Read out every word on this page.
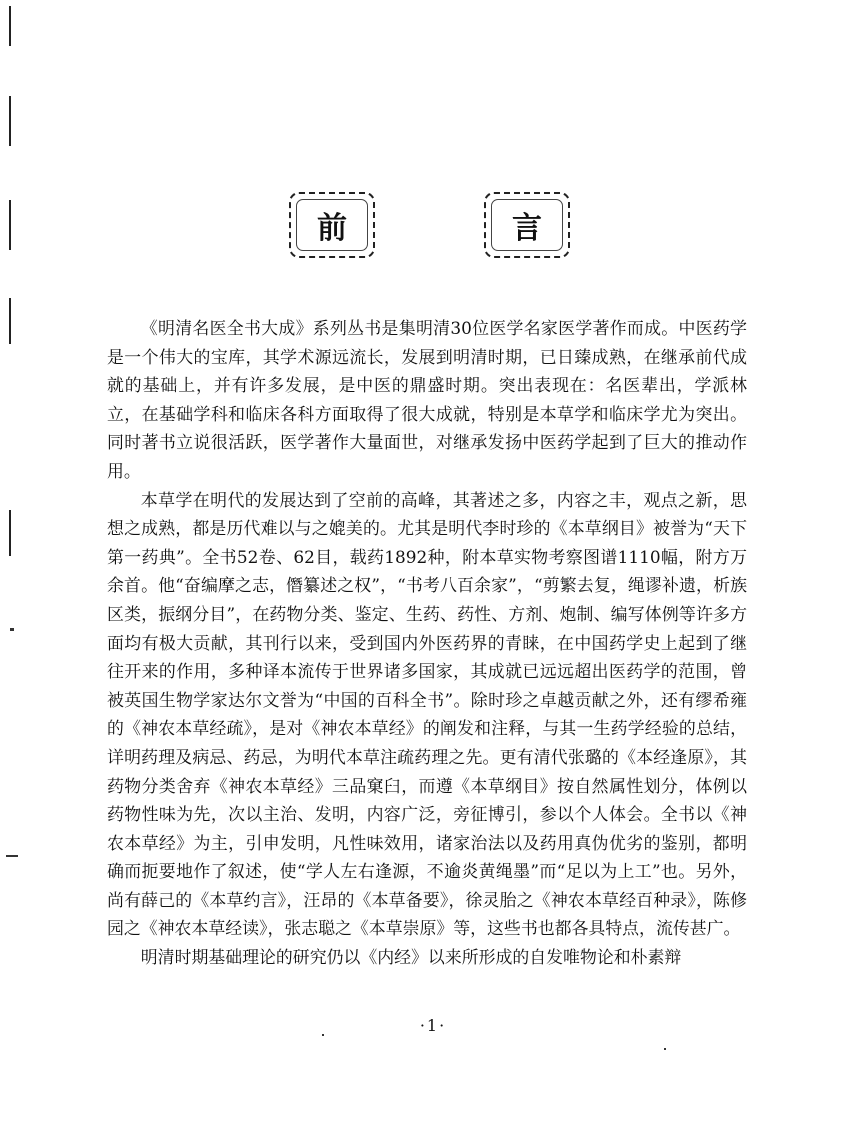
前	言

《明清名医全书大成》系列丛书是集明清30位医学名家医学著作而成。中医药学是一个伟大的宝库，其学术源远流长，发展到明清时期，已日臻成熟，在继承前代成就的基础上，并有许多发展，是中医的鼎盛时期。突出表现在：名医辈出，学派林立，在基础学科和临床各科方面取得了很大成就，特别是本草学和临床学尤为突出。同时著书立说很活跃，医学著作大量面世，对继承发扬中医药学起到了巨大的推动作用。

本草学在明代的发展达到了空前的高峰，其著述之多，内容之丰，观点之新，思想之成熟，都是历代难以与之媲美的。尤其是明代李时珍的《本草纲目》被誉为“天下第一药典”。全书52卷、62目，载药1892种，附本草实物考察图谱1110幅，附方万余首。他“奋编摩之志，僭纂述之权”，“书考八百余家”，“剪繁去复，绳谬补遗，析族区类，振纲分目”，在药物分类、鉴定、生药、药性、方剂、炮制、编写体例等许多方面均有极大贡献，其刊行以来，受到国内外医药界的青睐，在中国药学史上起到了继往开来的作用，多种译本流传于世界诸多国家，其成就已远远超出医药学的范围，曾被英国生物学家达尔文誉为“中国的百科全书”。除时珍之卓越贡献之外，还有缪希雍的《神农本草经疏》，是对《神农本草经》的阐发和注释，与其一生药学经验的总结，详明药理及病忌、药忌，为明代本草注疏药理之先。更有清代张璐的《本经逢原》，其药物分类舍弃《神农本草经》三品窠臼，而遵《本草纲目》按自然属性划分，体例以药物性味为先，次以主治、发明，内容广泛，旁征博引，参以个人体会。全书以《神农本草经》为主，引申发明，凡性味效用，诸家治法以及药用真伪优劣的鉴别，都明确而扼要地作了叙述，使“学人左右逢源，不逾炎黄绳墨”而“足以为上工”也。另外，尚有薛己的《本草约言》，汪昂的《本草备要》，徐灵胎之《神农本草经百种录》，陈修园之《神农本草经读》，张志聪之《本草崇原》等，这些书也都各具特点，流传甚广。

明清时期基础理论的研究仍以《内经》以来所形成的自发唯物论和朴素辩

·1·
